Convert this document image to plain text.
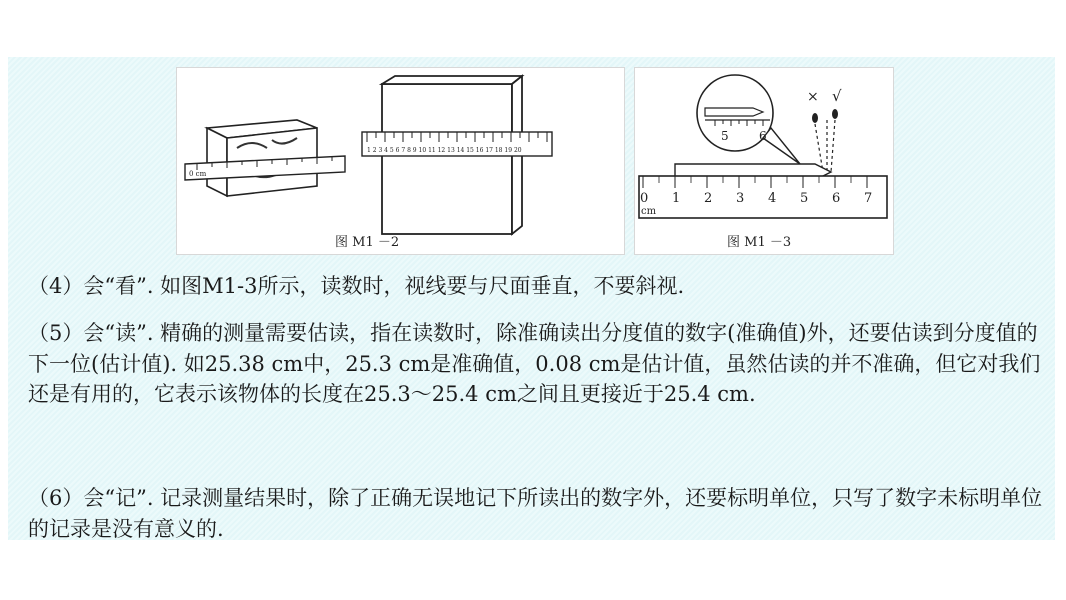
0 cm
1 2 3 4 5 6 7 8 9 10 11 12 13 14 15 16 17 18 19 20
图 M1 －2
5	6
× √
0 1 2 3 4 5 6 7
cm
图 M1 －3

（4）会“看”. 如图M1-3所示，读数时，视线要与尺面垂直，不要斜视.

（5）会“读”. 精确的测量需要估读，指在读数时，除准确读出分度值的数字(准确值)外，还要估读到分度值的下一位(估计值). 如25.38 cm中，25.3 cm是准确值，0.08 cm是估计值，虽然估读的并不准确，但它对我们还是有用的，它表示该物体的长度在25.3～25.4 cm之间且更接近于25.4 cm.

（6）会“记”. 记录测量结果时，除了正确无误地记下所读出的数字外，还要标明单位，只写了数字未标明单位的记录是没有意义的.
